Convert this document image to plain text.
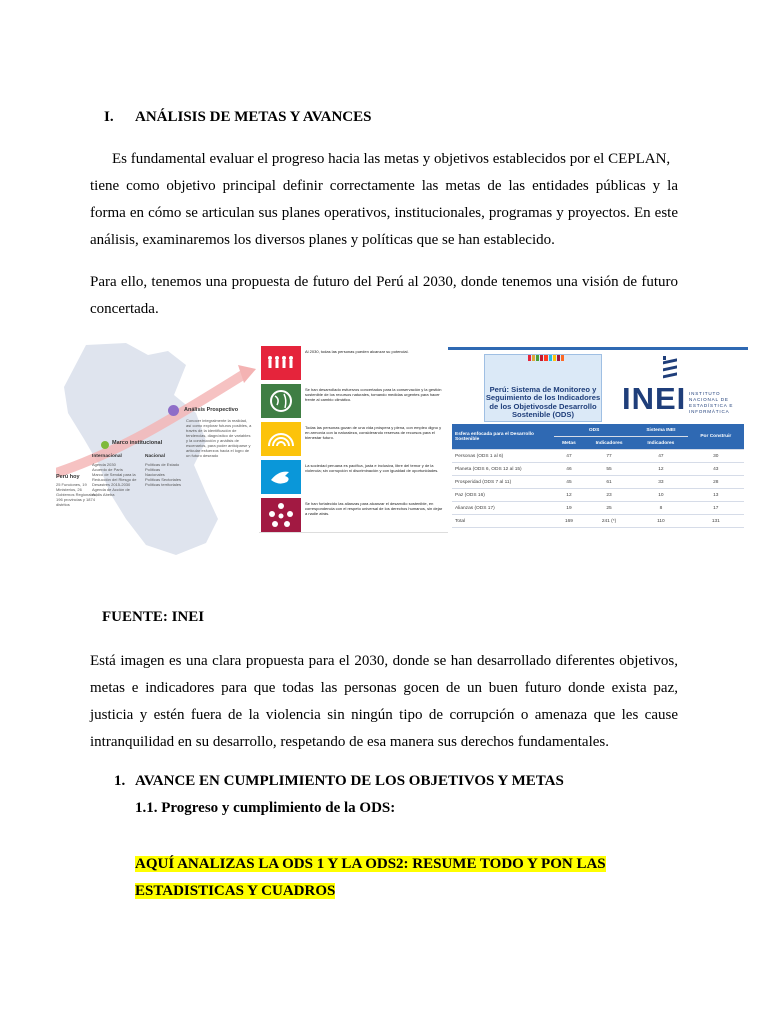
I. ANÁLISIS DE METAS Y AVANCES
Es fundamental evaluar el progreso hacia las metas y objetivos establecidos por el CEPLAN,
tiene como objetivo principal definir correctamente las metas de las entidades públicas y la
forma en cómo se articulan sus planes operativos, institucionales, programas y proyectos. En este
análisis, examinaremos los diversos planes y políticas que se han establecido.
Para ello, tenemos una propuesta de futuro del Perú al 2030, donde tenemos una visión de futuro
concertada.
Perú hoy
25 Funciones, 19 Ministerios, 26 Gobiernos Regionales, 196 provincias y 1874 distritos
Marco institucional
Internacional	Nacional
Agenda 2030
Acuerdo de París
Marco de Sendai para la Reducción del Riesgo de Desastres 2015-2030
Agenda de Acción de Addis Abeba
Políticas de Estado
Políticas Nacionales
Políticas Sectoriales
Políticas territoriales
Análisis Prospectivo
Conocer integralmente la realidad, así como explorar futuros posibles, a través de la identificación de tendencias, diagnóstico de variables y la construcción y análisis de escenarios, para poder anticiparse y articular esfuerzos hacia el logro de un futuro deseado
Al 2030, todas las personas pueden alcanzar su potencial.
Se han desarrollado esfuerzos concertados para la conservación y la gestión sostenible de los recursos naturales, tomando medidas urgentes para hacer frente al cambio climático.
Todas las personas gozan de una vida próspera y plena, con empleo digno y en armonía con la naturaleza, considerando reservas de recursos para el bienestar futuro.
La sociedad peruana es pacífica, justa e inclusiva, libre del temor y de la violencia; sin corrupción ni discriminación y con igualdad de oportunidades.
Se han fortalecido las alianzas para alcanzar el desarrollo sostenible, en correspondencia con el respeto universal de los derechos humanos, sin dejar a nadie atrás.
Perú: Sistema de Monitoreo y Seguimiento de los Indicadores de los Objetivosde Desarrollo Sostenible (ODS)	INEI INSTITUTO NACIONAL DE ESTADÍSTICA E INFORMÁTICA
Esfera enfocada para el Desarrollo Sostenible	ODS		Sistema INEI	Por Construir
	Metas	Indicadores	Indicadores	
Personas (ODS 1 al 6)	47	77	47	30
Planeta (ODS 6, ODS 12 al 15)	46	55	12	43
Prosperidad (ODS 7 al 11)	45	61	33	28
Paz (ODS 16)	12	23	10	13
Alianzas (ODS 17)	19	25	8	17
Total	169	241 (*)	110	131
FUENTE: INEI
Está imagen es una clara propuesta para el 2030, donde se han desarrollado diferentes objetivos,
metas e indicadores para que todas las personas gocen de un buen futuro donde exista paz,
justicia y estén fuera de la violencia sin ningún tipo de corrupción o amenaza que les cause
intranquilidad en su desarrollo, respetando de esa manera sus derechos fundamentales.
1. AVANCE EN CUMPLIMIENTO DE LOS OBJETIVOS Y METAS
1.1. Progreso y cumplimiento de la ODS:
AQUÍ ANALIZAS LA ODS 1 Y LA ODS2: RESUME TODO Y PON LAS
ESTADISTICAS Y CUADROS
